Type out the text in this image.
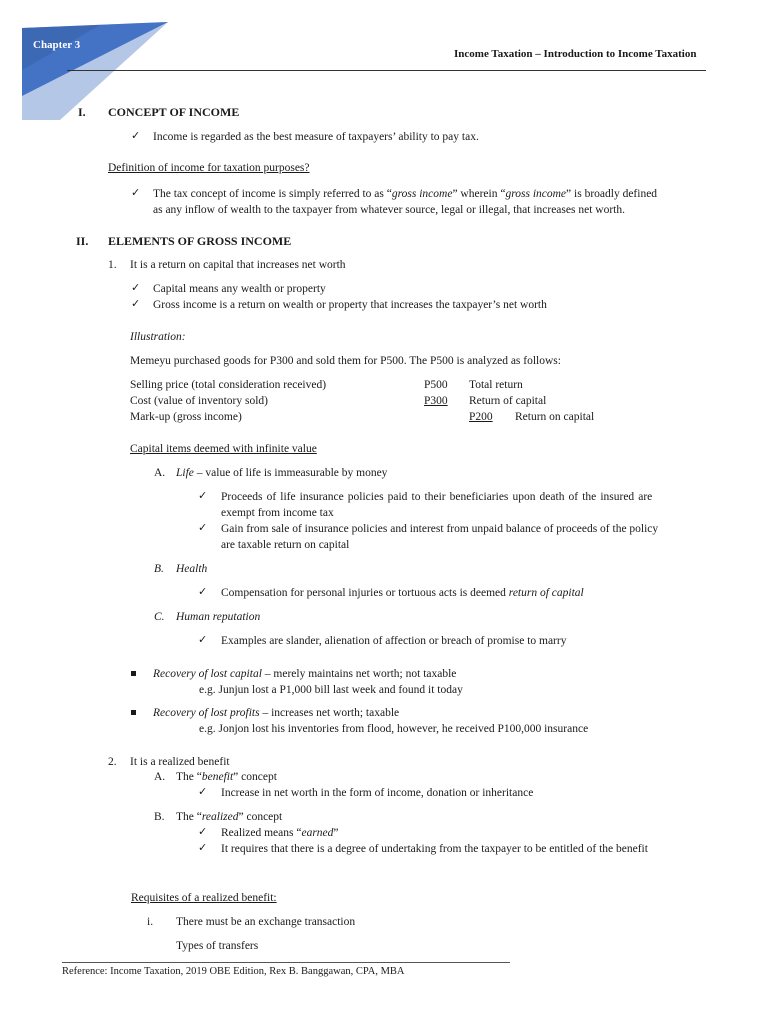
Chapter 3
Income Taxation – Introduction to Income Taxation
I. CONCEPT OF INCOME
✓ Income is regarded as the best measure of taxpayers’ ability to pay tax.
Definition of income for taxation purposes?
✓ The tax concept of income is simply referred to as “gross income” wherein “gross income” is broadly defined
as any inflow of wealth to the taxpayer from whatever source, legal or illegal, that increases net worth.
II. ELEMENTS OF GROSS INCOME
1. It is a return on capital that increases net worth
✓ Capital means any wealth or property
✓ Gross income is a return on wealth or property that increases the taxpayer’s net worth
Illustration:
Memeyu purchased goods for P300 and sold them for P500. The P500 is analyzed as follows:
Selling price (total consideration received)	P500 Total return
Cost (value of inventory sold)	P300 Return of capital
Mark-up (gross income)	P200 Return on capital
Capital items deemed with infinite value
A. Life – value of life is immeasurable by money
✓ Proceeds of life insurance policies paid to their beneficiaries upon death of the insured are
exempt from income tax
✓ Gain from sale of insurance policies and interest from unpaid balance of proceeds of the policy
are taxable return on capital
B. Health
✓ Compensation for personal injuries or tortuous acts is deemed return of capital
C. Human reputation
✓ Examples are slander, alienation of affection or breach of promise to marry
Recovery of lost capital – merely maintains net worth; not taxable
e.g. Junjun lost a P1,000 bill last week and found it today
Recovery of lost profits – increases net worth; taxable
e.g. Jonjon lost his inventories from flood, however, he received P100,000 insurance
2. It is a realized benefit
A. The “benefit” concept
✓ Increase in net worth in the form of income, donation or inheritance
B. The “realized” concept
✓ Realized means “earned”
✓ It requires that there is a degree of undertaking from the taxpayer to be entitled of the benefit
Requisites of a realized benefit:
i. There must be an exchange transaction
Types of transfers
Reference: Income Taxation, 2019 OBE Edition, Rex B. Banggawan, CPA, MBA
